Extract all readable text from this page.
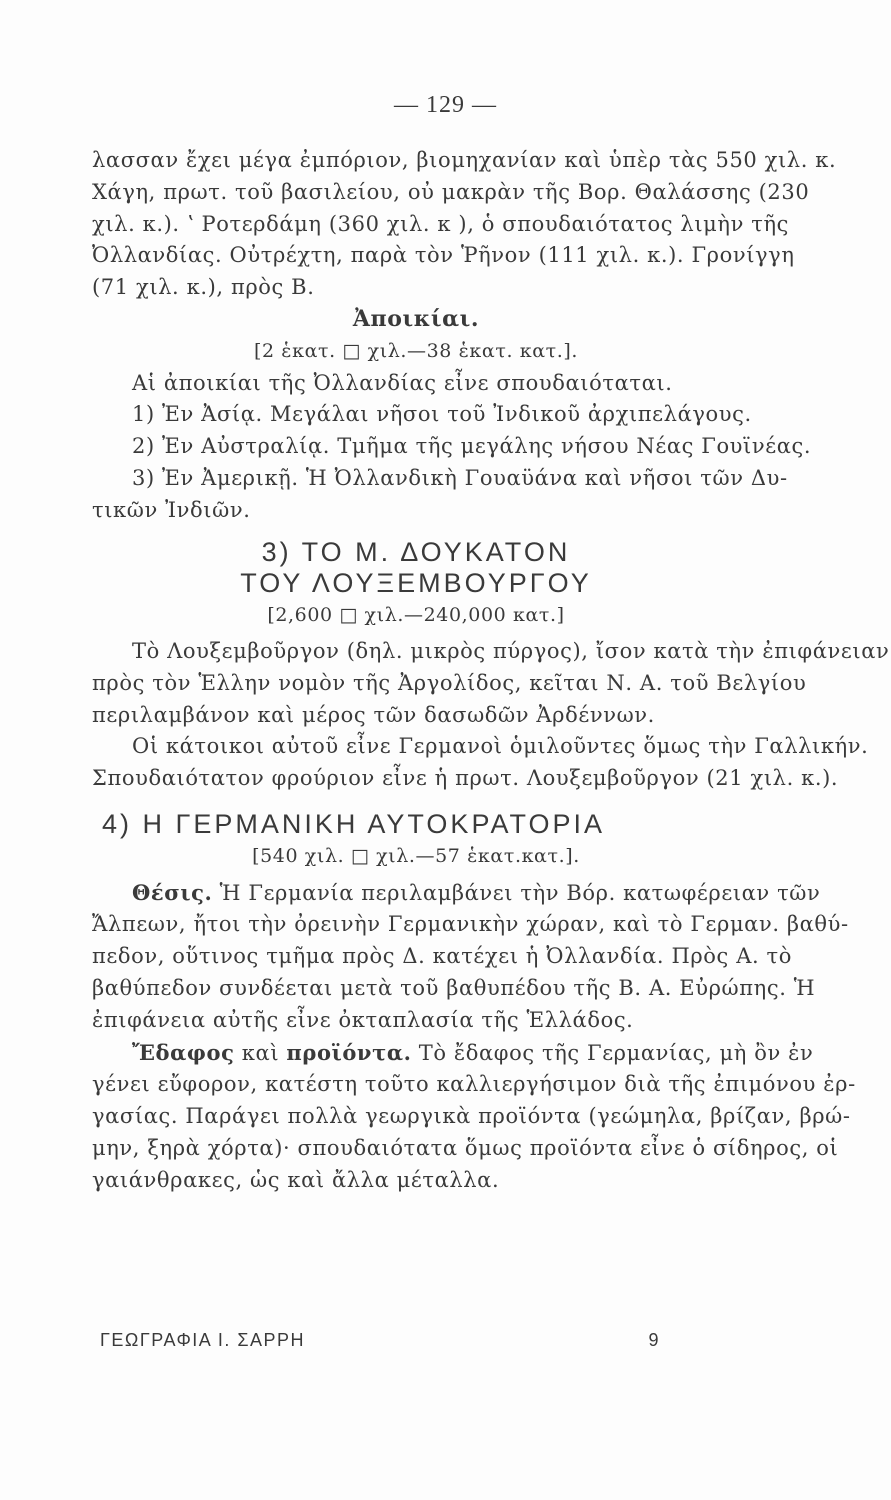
— 129 —
λασσαν ἔχει μέγα ἐμπόριον, βιομηχανίαν καὶ ὑπὲρ τὰς 550 χιλ. κ.
Χάγη, πρωτ. τοῦ βασιλείου, οὐ μακρὰν τῆς Βορ. Θαλάσσης (230
χιλ. κ.). ʽ Ροτερδάμη (360 χιλ. κ ), ὁ σπουδαιότατος λιμὴν τῆς
Ὀλλανδίας. Οὐτρέχτη, παρὰ τὸν Ῥῆνον (111 χιλ. κ.). Γρονίγγη
(71 χιλ. κ.), πρὸς Β.
Ἀποικίαι.
[2 ἑκατ. □ χιλ.—38 ἑκατ. κατ.].
Αἱ ἀποικίαι τῆς Ὀλλανδίας εἶνε σπουδαιόταται.
1) Ἐν Ἀσίᾳ. Μεγάλαι νῆσοι τοῦ Ἰνδικοῦ ἀρχιπελάγους.
2) Ἐν Αὐστραλίᾳ. Τμῆμα τῆς μεγάλης νήσου Νέας Γουϊνέας.
3) Ἐν Ἀμερικῇ. Ἡ Ὀλλανδικὴ Γουαϋάνα καὶ νῆσοι τῶν Δυ-
τικῶν Ἰνδιῶν.
3) ΤΟ Μ. ΔΟΥΚΑΤΟΝ
ΤΟΥ ΛΟΥΞΕΜΒΟΥΡΓΟΥ
[2,600 □ χιλ.—240,000 κατ.]
Τὸ Λουξεμβοῦργον (δηλ. μικρὸς πύργος), ἴσον κατὰ τὴν ἐπιφάνειαν
πρὸς τὸν Ἑλλην νομὸν τῆς Ἀργολίδος, κεῖται Ν. Α. τοῦ Βελγίου
περιλαμβάνον καὶ μέρος τῶν δασωδῶν Ἀρδέννων.
Οἱ κάτοικοι αὐτοῦ εἶνε Γερμανοὶ ὁμιλοῦντες ὅμως τὴν Γαλλικήν.
Σπουδαιότατον φρούριον εἶνε ἡ πρωτ. Λουξεμβοῦργον (21 χιλ. κ.).
4) Η ΓΕΡΜΑΝΙΚΗ ΑΥΤΟΚΡΑΤΟΡΙΑ
[540 χιλ. □ χιλ.—57 ἑκατ.κατ.].
Θέσις. Ἡ Γερμανία περιλαμβάνει τὴν Βόρ. κατωφέρειαν τῶν
Ἄλπεων, ἤτοι τὴν ὀρεινὴν Γερμανικὴν χώραν, καὶ τὸ Γερμαν. βαθύ-
πεδον, οὕτινος τμῆμα πρὸς Δ. κατέχει ἡ Ὀλλανδία. Πρὸς Α. τὸ
βαθύπεδον συνδέεται μετὰ τοῦ βαθυπέδου τῆς Β. Α. Εὐρώπης. Ἡ
ἐπιφάνεια αὐτῆς εἶνε ὀκταπλασία τῆς Ἑλλάδος.
Ἔδαφος καὶ προϊόντα. Τὸ ἔδαφος τῆς Γερμανίας, μὴ ὂν ἐν
γένει εὔφορον, κατέστη τοῦτο καλλιεργήσιμον διὰ τῆς ἐπιμόνου ἐρ-
γασίας. Παράγει πολλὰ γεωργικὰ προϊόντα (γεώμηλα, βρίζαν, βρώ-
μην, ξηρὰ χόρτα)· σπουδαιότατα ὅμως προϊόντα εἶνε ὁ σίδηρος, οἱ
γαιάνθρακες, ὡς καὶ ἄλλα μέταλλα.
ΓΕΩΓΡΑΦΙΑ Ι. ΣΑΡΡΗ	9
